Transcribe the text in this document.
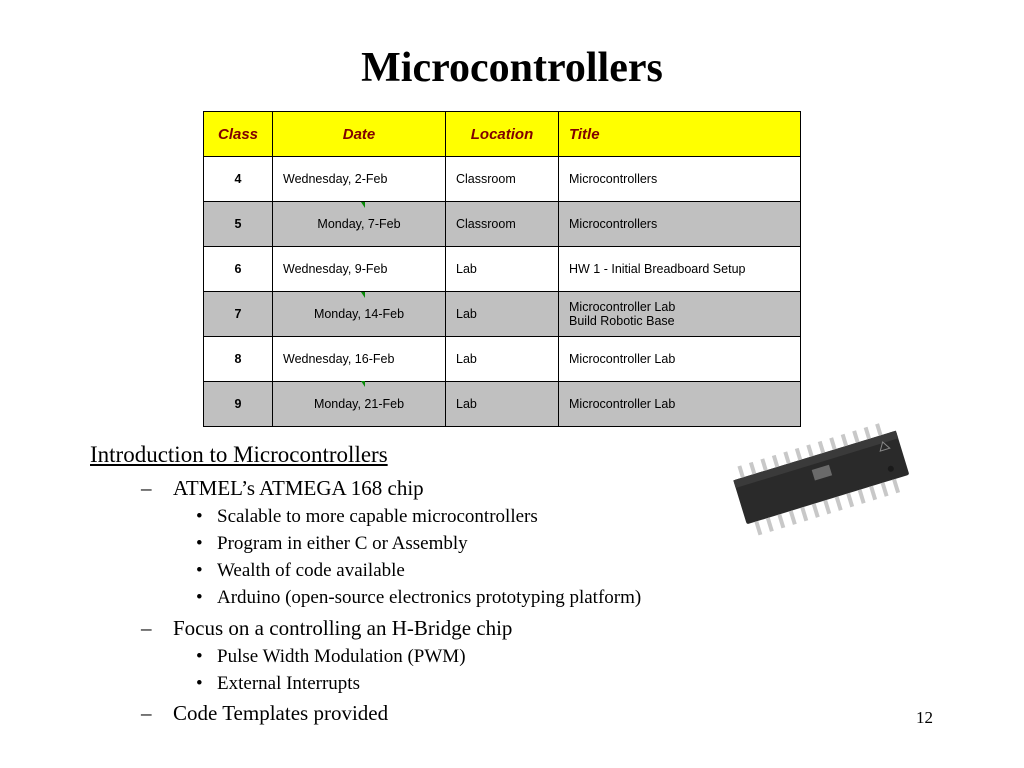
Microcontrollers
Class	Date	Location	Title
4	Wednesday, 2-Feb	Classroom	Microcontrollers
5	Monday, 7-Feb	Classroom	Microcontrollers
6	Wednesday, 9-Feb	Lab	HW 1 - Initial Breadboard Setup
7	Monday, 14-Feb	Lab	Microcontroller Lab
Build Robotic Base

8	Wednesday, 16-Feb	Lab	Microcontroller Lab
9	Monday, 21-Feb	Lab	Microcontroller Lab
Introduction to Microcontrollers
– ATMEL’s ATMEGA 168 chip
• Scalable to more capable microcontrollers
• Program in either C or Assembly
• Wealth of code available
• Arduino (open-source electronics prototyping platform)
– Focus on a controlling an H-Bridge chip
• Pulse Width Modulation (PWM)
• External Interrupts
– Code Templates provided	12
